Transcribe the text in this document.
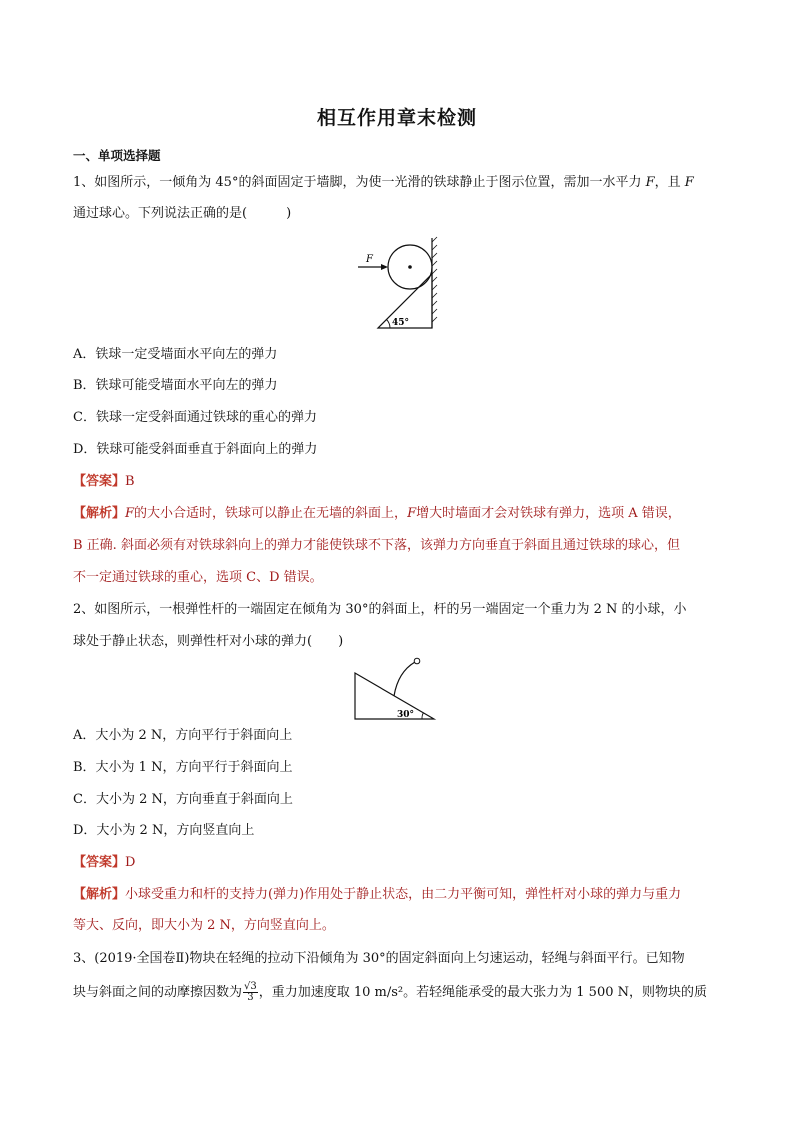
相互作用章末检测
一、单项选择题
1、如图所示，一倾角为 45°的斜面固定于墙脚，为使一光滑的铁球静止于图示位置，需加一水平力 F，且 F
通过球心。下列说法正确的是(　　　)
F
45°
A．铁球一定受墙面水平向左的弹力
B．铁球可能受墙面水平向左的弹力
C．铁球一定受斜面通过铁球的重心的弹力
D．铁球可能受斜面垂直于斜面向上的弹力
【答案】B
【解析】F的大小合适时，铁球可以静止在无墙的斜面上，F增大时墙面才会对铁球有弹力，选项 A 错误，
B 正确. 斜面必须有对铁球斜向上的弹力才能使铁球不下落，该弹力方向垂直于斜面且通过铁球的球心，但
不一定通过铁球的重心，选项 C、D 错误。
2、如图所示，一根弹性杆的一端固定在倾角为 30°的斜面上，杆的另一端固定一个重力为 2 N 的小球，小
球处于静止状态，则弹性杆对小球的弹力(　　)
30°
A．大小为 2 N，方向平行于斜面向上
B．大小为 1 N，方向平行于斜面向上
C．大小为 2 N，方向垂直于斜面向上
D．大小为 2 N，方向竖直向上
【答案】D
【解析】小球受重力和杆的支持力(弹力)作用处于静止状态，由二力平衡可知，弹性杆对小球的弹力与重力
等大、反向，即大小为 2 N，方向竖直向上。
3、(2019·全国卷Ⅱ)物块在轻绳的拉动下沿倾角为 30°的固定斜面向上匀速运动，轻绳与斜面平行。已知物
块与斜面之间的动摩擦因数为 $\frac{√3}{3}$ ，重力加速度取 10 m/s²。若轻绳能承受的最大张力为 1 500 N，则物块的质
